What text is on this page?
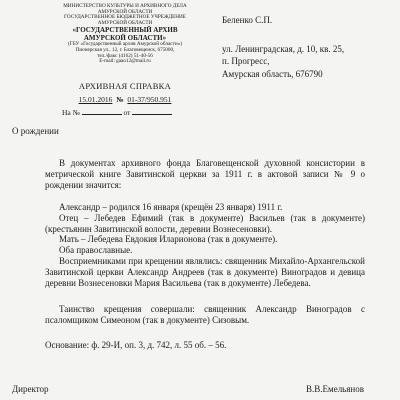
МИНИСТЕРСТВО КУЛЬТУРЫ И АРХИВНОГО ДЕЛА
АМУРСКОЙ ОБЛАСТИ
ГОСУДАРСТВЕННОЕ БЮДЖЕТНОЕ УЧРЕЖДЕНИЕ
АМУРСКОЙ ОБЛАСТИ
«ГОСУДАРСТВЕННЫЙ АРХИВ
АМУРСКОЙ ОБЛАСТИ»
(ГБУ «Государственный архив Амурской области»)
Пионерская ул., 12, г. Благовещенск, 675000,
тел./факс (4162) 51-40-56
E-mail: gaao12@mail.ru
АРХИВНАЯ СПРАВКА
15.01.2016 № 01-37/950.951
На №	от
Беленко С.П.
ул. Ленинградская, д. 10, кв. 25,
п. Прогресс,
Амурская область, 676790
О рождении
В документах архивного фонда Благовещенской духовной консистории в метрической книге Завитинской церкви за 1911 г. в актовой записи № 9 о рождении значится:
Александр – родился 16 января (крещён 23 января) 1911 г.
Отец – Лебедев Ефимий (так в документе) Васильев (так в документе) (крестьянин Завитинской волости, деревни Вознесеновки).
Мать – Лебедева Евдокия Иларионова (так в документе).
Оба православные.
Восприемниками при крещении являлись: священник Михайло-Архангельской Завитинской церкви Александр Андреев (так в документе) Виноградов и девица деревни Вознесеновки Мария Васильева (так в документе) Лебедева.
Таинство крещения совершали: священник Александр Виноградов с псаломщиком Симеоном (так в документе) Сизовым.
Основание: ф. 29-И, оп. 3, д. 742, л. 55 об. – 56.
Директор	В.В.Емельянов
